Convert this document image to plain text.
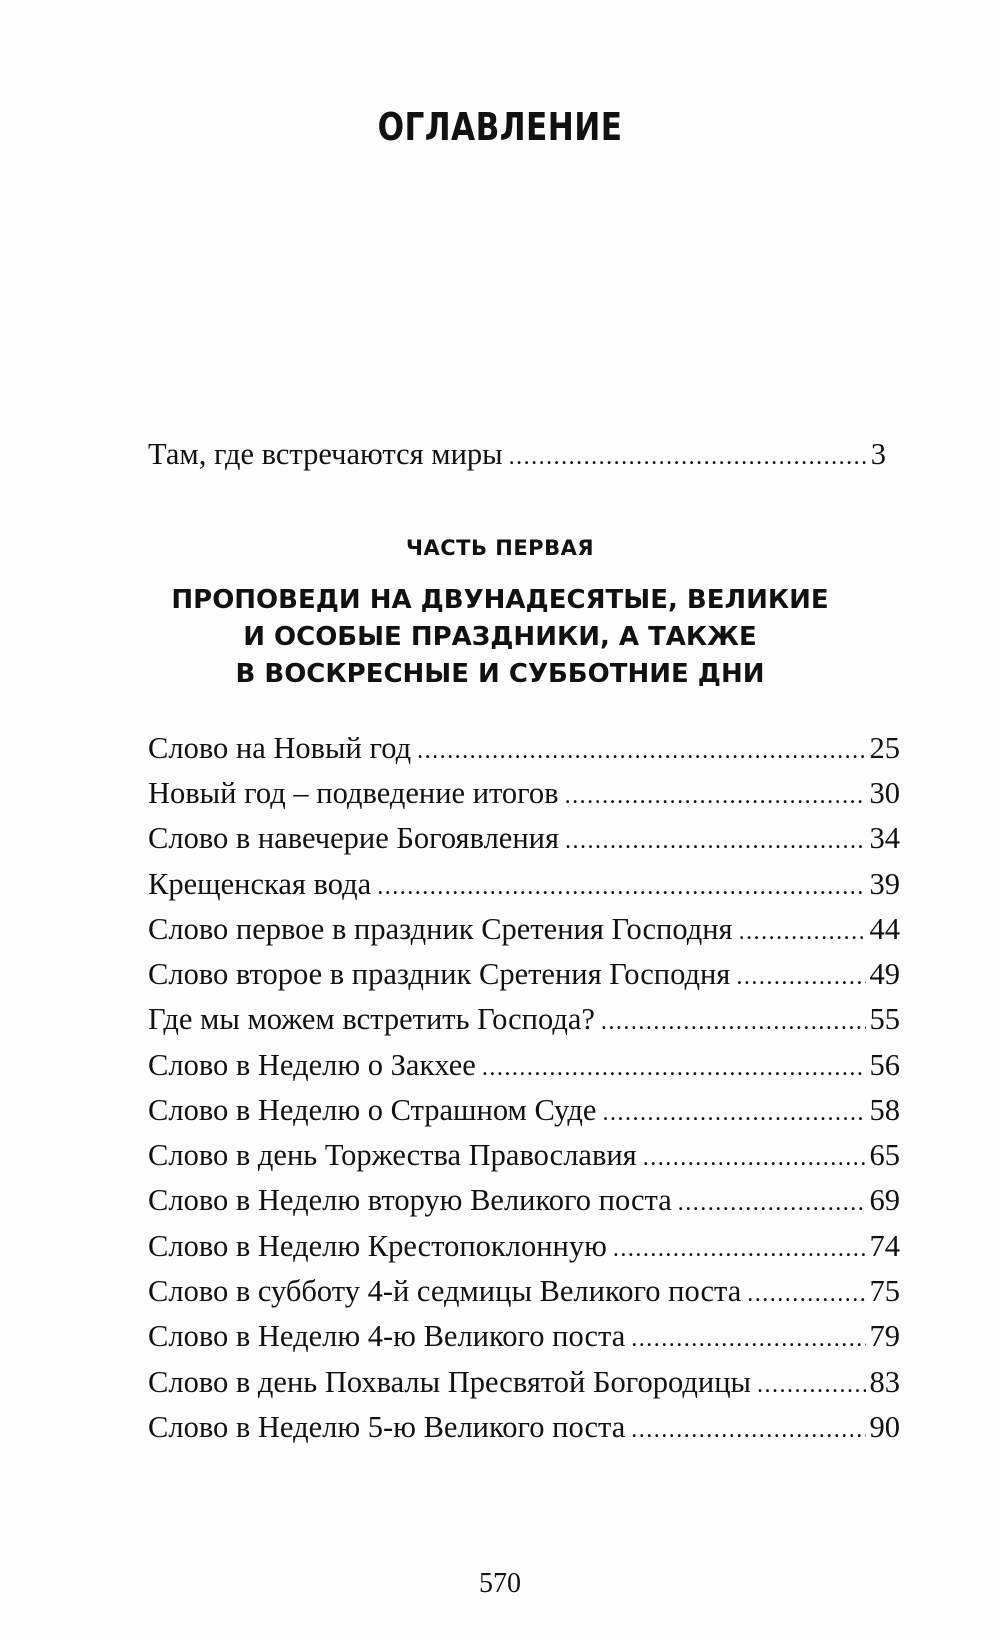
ОГЛАВЛЕНИЕ
Там, где встречаются миры .....	3
ЧАСТЬ ПЕРВАЯ
ПРОПОВЕДИ НА ДВУНАДЕСЯТЫЕ, ВЕЛИКИЕ
И ОСОБЫЕ ПРАЗДНИКИ, А ТАКЖЕ
В ВОСКРЕСНЫЕ И СУББОТНИЕ ДНИ
Слово на Новый год .....	25
Новый год – подведение итогов .....	30
Слово в навечерие Богоявления .....	34
Крещенская вода .....	39
Слово первое в праздник Сретения Господня .....	44
Слово второе в праздник Сретения Господня .....	49
Где мы можем встретить Господа? .....	55
Слово в Неделю о Закхее .....	56
Слово в Неделю о Страшном Суде .....	58
Слово в день Торжества Православия .....	65
Слово в Неделю вторую Великого поста .....	69
Слово в Неделю Крестопоклонную .....	74
Слово в субботу 4-й седмицы Великого поста .....	75
Слово в Неделю 4-ю Великого поста .....	79
Слово в день Похвалы Пресвятой Богородицы .....	83
Слово в Неделю 5-ю Великого поста .....	90
570
